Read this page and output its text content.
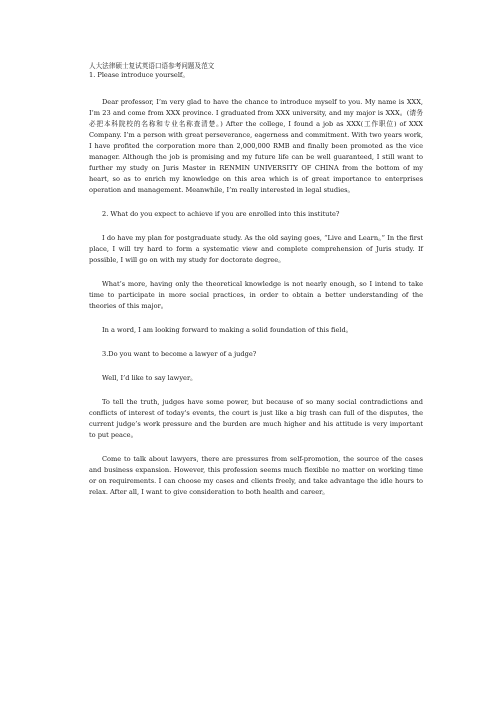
人大法律硕士复试英语口语参考问题及范文
1. Please introduce yourself。

Dear professor, I’m very glad to have the chance to introduce myself to you. My name is XXX, I’m 23 and come from XXX province. I graduated from XXX university, and my major is XXX。(请务必把本科院校的名称和专业名称查清楚。) After the college, I found a job as XXX(工作职位) of XXX Company. I’m a person with great perseverance, eagerness and commitment. With two years work, I have profited the corporation more than 2,000,000 RMB and finally been promoted as the vice manager. Although the job is promising and my future life can be well guaranteed, I still want to further my study on Juris Master in RENMIN UNIVERSITY OF CHINA from the bottom of my heart, so as to enrich my knowledge on this area which is of great importance to enterprises operation and management. Meanwhile, I’m really interested in legal studies。

2. What do you expect to achieve if you are enrolled into this institute?

I do have my plan for postgraduate study. As the old saying goes, “Live and Learn。” In the first place, I will try hard to form a systematic view and complete comprehension of Juris study. If possible, I will go on with my study for doctorate degree。

What’s more, having only the theoretical knowledge is not nearly enough, so I intend to take time to participate in more social practices, in order to obtain a better understanding of the theories of this major。

In a word, I am looking forward to making a solid foundation of this field。

3.Do you want to become a lawyer of a judge?

Well, I’d like to say lawyer。

To tell the truth, judges have some power, but because of so many social contradictions and conflicts of interest of today's events, the court is just like a big trash can full of the disputes, the current judge’s work pressure and the burden are much higher and his attitude is very important to put peace。

Come to talk about lawyers, there are pressures from self-promotion, the source of the cases and business expansion. However, this profession seems much flexible no matter on working time or on requirements. I can choose my cases and clients freely, and take advantage the idle hours to relax. After all, I want to give consideration to both health and career。
